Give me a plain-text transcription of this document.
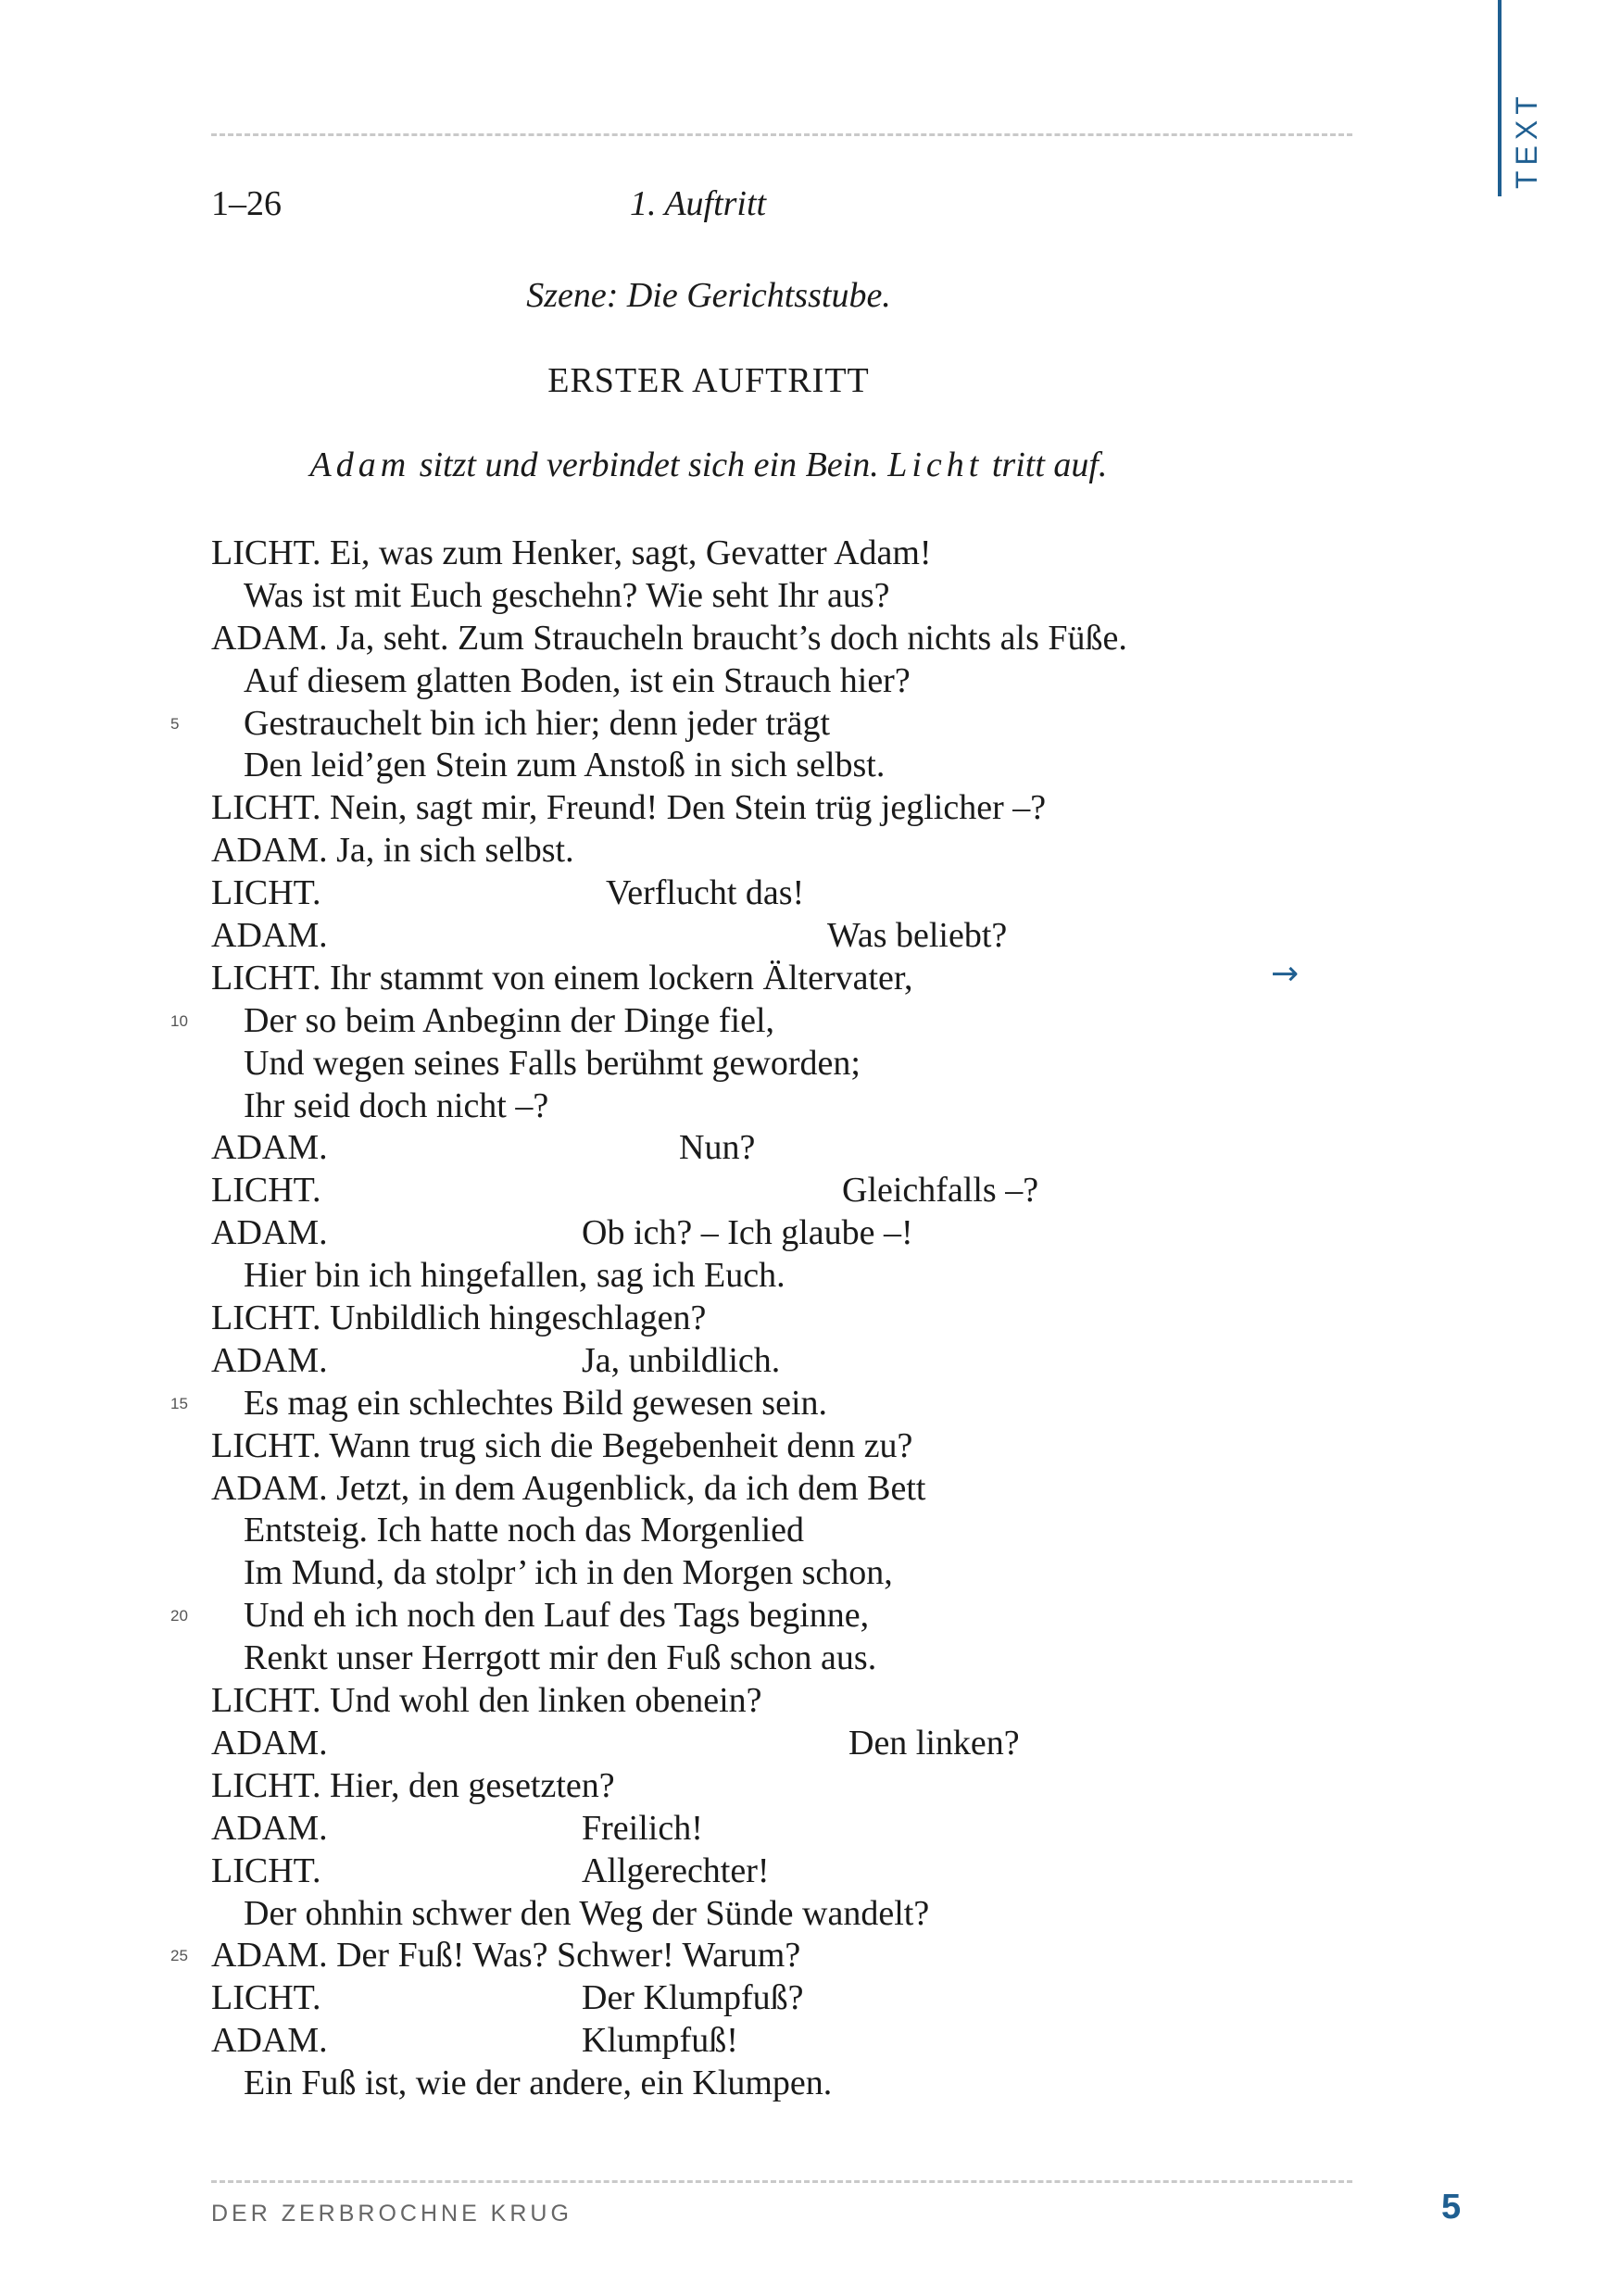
TEXT
1–26	1. Auftritt
Szene: Die Gerichtsstube.
ERSTER AUFTRITT
Adam sitzt und verbindet sich ein Bein. Licht tritt auf.
LICHT. Ei, was zum Henker, sagt, Gevatter Adam!
Was ist mit Euch geschehn? Wie seht Ihr aus?
ADAM. Ja, seht. Zum Straucheln braucht’s doch nichts als Füße.
Auf diesem glatten Boden, ist ein Strauch hier?
5 Gestrauchelt bin ich hier; denn jeder trägt
Den leid’gen Stein zum Anstoß in sich selbst.
LICHT. Nein, sagt mir, Freund! Den Stein trüg jeglicher –?
ADAM. Ja, in sich selbst.
LICHT.	Verflucht das!
ADAM.	Was beliebt?
LICHT. Ihr stammt von einem lockern Ältervater,
10 Der so beim Anbeginn der Dinge fiel,
Und wegen seines Falls berühmt geworden;
Ihr seid doch nicht –?
ADAM.	Nun?
LICHT.	Gleichfalls –?
ADAM.	Ob ich? – Ich glaube –!
Hier bin ich hingefallen, sag ich Euch.
LICHT. Unbildlich hingeschlagen?
ADAM.	Ja, unbildlich.
15 Es mag ein schlechtes Bild gewesen sein.
LICHT. Wann trug sich die Begebenheit denn zu?
ADAM. Jetzt, in dem Augenblick, da ich dem Bett
Entsteig. Ich hatte noch das Morgenlied
Im Mund, da stolpr’ ich in den Morgen schon,
20 Und eh ich noch den Lauf des Tags beginne,
Renkt unser Herrgott mir den Fuß schon aus.
LICHT. Und wohl den linken obenein?
ADAM.	Den linken?
LICHT. Hier, den gesetzten?
ADAM.	Freilich!
LICHT.	Allgerechter!
Der ohnhin schwer den Weg der Sünde wandelt?
25 ADAM. Der Fuß! Was? Schwer! Warum?
LICHT.	Der Klumpfuß?
ADAM.	Klumpfuß!
Ein Fuß ist, wie der andere, ein Klumpen.
→
DER ZERBROCHNE KRUG	5
